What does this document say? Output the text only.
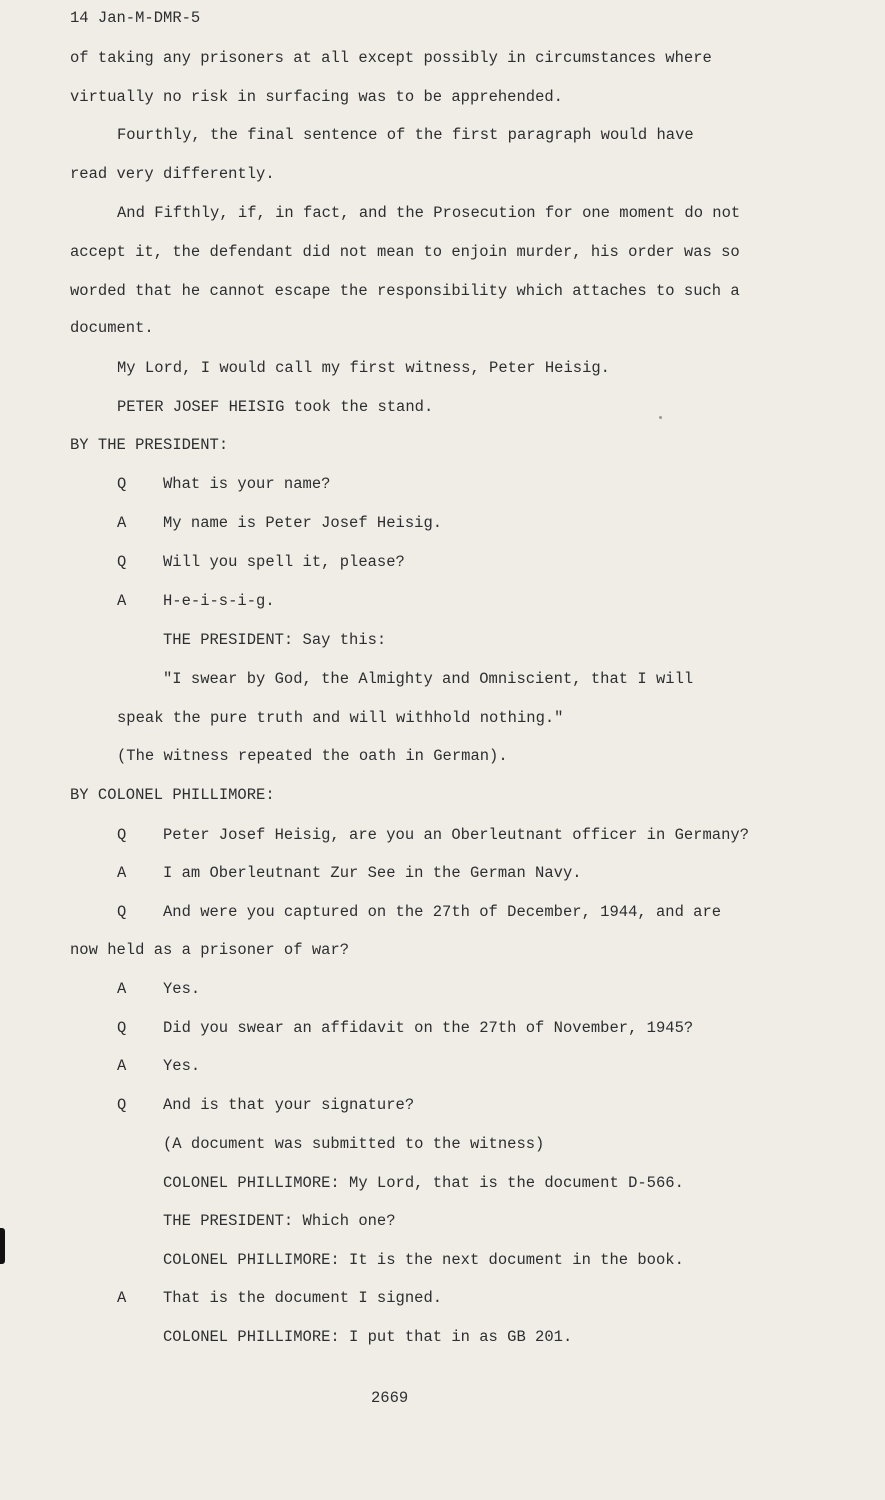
14 Jan-M-DMR-5
of taking any prisoners at all except possibly in circumstances where
virtually no risk in surfacing was to be apprehended.
Fourthly, the final sentence of the first paragraph would have
read very differently.
And Fifthly, if, in fact, and the Prosecution for one moment do not
accept it, the defendant did not mean to enjoin murder, his order was so
worded that he cannot escape the responsibility which attaches to such a
document.
My Lord, I would call my first witness, Peter Heisig.
PETER JOSEF HEISIG took the stand.
BY THE PRESIDENT:
Q What is your name?
A My name is Peter Josef Heisig.
Q Will you spell it, please?
A H-e-i-s-i-g.
THE PRESIDENT: Say this:
"I swear by God, the Almighty and Omniscient, that I will
speak the pure truth and will withhold nothing."
(The witness repeated the oath in German).
BY COLONEL PHILLIMORE:
Q Peter Josef Heisig, are you an Oberleutnant officer in Germany?
A I am Oberleutnant Zur See in the German Navy.
Q And were you captured on the 27th of December, 1944, and are
now held as a prisoner of war?
A Yes.
Q Did you swear an affidavit on the 27th of November, 1945?
A Yes.
Q And is that your signature?
(A document was submitted to the witness)
COLONEL PHILLIMORE: My Lord, that is the document D-566.
THE PRESIDENT: Which one?
COLONEL PHILLIMORE: It is the next document in the book.
A That is the document I signed.
COLONEL PHILLIMORE: I put that in as GB 201.
2669
